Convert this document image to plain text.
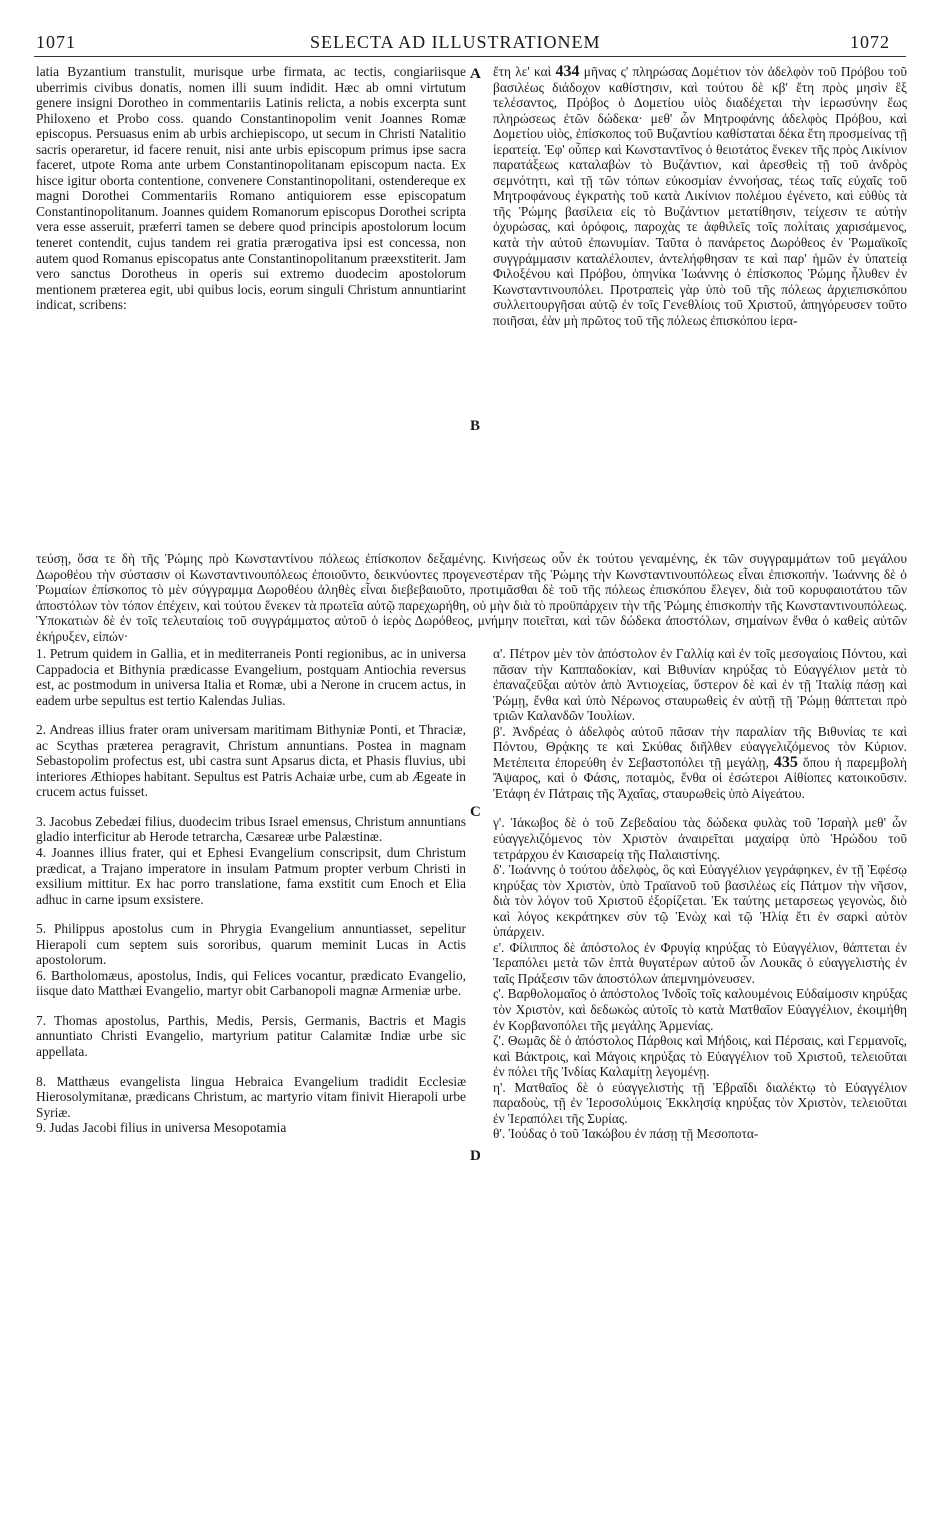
1071	SELECTA AD ILLUSTRATIONEM	1072
A
B
C
D

latia Byzantium transtulit, murisque urbe firmata, ac tectis, congiariisque uberrimis civibus donatis, nomen illi suum indidit. Hæc ab omni virtutum genere insigni Dorotheo in commentariis Latinis relicta, a nobis excerpta sunt Philoxeno et Probo coss. quando Constantinopolim venit Joannes Romæ episcopus. Persuasus enim ab urbis archiepiscopo, ut secum in Christi Natalitio sacris operaretur, id facere renuit, nisi ante urbis episcopum primus ipse sacra faceret, utpote Roma ante urbem Constantinopolitanam episcopum nacta. Ex hisce igitur oborta contentione, convenere Constantinopolitani, ostendereque ex magni Dorothei Commentariis Romano antiquiorem esse episcopatum Constantinopolitanum. Joannes quidem Romanorum episcopus Dorothei scripta vera esse asseruit, præferri tamen se debere quod principis apostolorum locum teneret contendit, cujus tandem rei gratia prærogativa ipsi est concessa, non autem quod Romanus episcopatus ante Constantinopolitanum præexstiterit. Jam vero sanctus Dorotheus in operis sui extremo duodecim apostolorum mentionem præterea egit, ubi quibus locis, eorum singuli Christum annuntiarint indicat, scribens:

ἔτη λε' καὶ 434 μῆνας ς' πληρώσας Δομέτιον τὸν ἀδελφὸν τοῦ Πρόβου τοῦ βασιλέως διάδοχον καθίστησιν, καὶ τούτου δὲ κβ' ἔτη πρὸς μησὶν ἓξ τελέσαντος, Πρόβος ὁ Δομετίου υἱὸς διαδέχεται τὴν ἱερωσύνην ἕως πληρώσεως ἐτῶν δώδεκα· μεθ' ὧν Μητροφάνης ἀδελφὸς Πρόβου, καὶ Δομετίου υἱὸς, ἐπίσκοπος τοῦ Βυζαντίου καθίσταται δέκα ἔτη προσμείνας τῇ ἱερατείᾳ. Ἐφ' οὗπερ καὶ Κωνσταντῖνος ὁ θειοτάτος ἕνεκεν τῆς πρὸς Λικίνιον παρατάξεως καταλαβὼν τὸ Βυζάντιον, καὶ ἀρεσθεὶς τῇ τοῦ ἀνδρὸς σεμνότητι, καὶ τῇ τῶν τόπων εὐκοσμίαν ἐννοήσας, τέως ταῖς εὐχαῖς τοῦ Μητροφάνους ἐγκρατὴς τοῦ κατὰ Λικίνιον πολέμου ἐγένετο, καὶ εὐθὺς τὰ τῆς Ῥώμης βασίλεια εἰς τὸ Βυζάντιον μετατίθησιν, τείχεσιν τε αὐτὴν ὀχυρώσας, καὶ ὀρόφοις, παροχὰς τε ἀφθιλεῖς τοῖς πολίταις χαρισάμενος, κατὰ τὴν αὐτοῦ ἐπωνυμίαν. Ταῦτα ὁ πανάρετος Δωρόθεος ἐν Ῥωμαϊκοῖς συγγράμμασιν καταλέλοιπεν, ἀντελήφθησαν τε καὶ παρ' ἡμῶν ἐν ὑπατείᾳ Φιλοξένου καὶ Πρόβου, ὁπηνίκα Ἰωάννης ὁ ἐπίσκοπος Ῥώμης ἦλυθεν ἐν Κωνσταντινουπόλει. Προτραπεὶς γὰρ ὑπὸ τοῦ τῆς πόλεως ἀρχιεπισκόπου συλλειτουργῆσαι αὐτῷ ἐν τοῖς Γενεθλίοις τοῦ Χριστοῦ, ἀπηγόρευσεν τοῦτο ποιῆσαι, ἐὰν μὴ πρῶτος τοῦ τῆς πόλεως ἐπισκόπου ἱερα-

τεύσῃ, ὅσα τε δὴ τῆς Ῥώμης πρὸ Κωνσταντίνου πόλεως ἐπίσκοπον δεξαμένης. Κινήσεως οὖν ἐκ τούτου γεναμένης, ἐκ τῶν συγγραμμάτων τοῦ μεγάλου Δωροθέου τὴν σύστασιν οἱ Κωνσταντινουπόλεως ἐποιοῦντο, δεικνύοντες προγενεστέραν τῆς Ῥώμης τὴν Κωνσταντινουπόλεως εἶναι ἐπισκοπήν. Ἰωάννης δὲ ὁ Ῥωμαίων ἐπίσκοπος τὸ μὲν σύγγραμμα Δωροθέου ἀληθὲς εἶναι διεβεβαιοῦτο, προτιμᾶσθαι δὲ τοῦ τῆς πόλεως ἐπισκόπου ἔλεγεν, διὰ τοῦ κορυφαιοτάτου τῶν ἀποστόλων τὸν τόπον ἐπέχειν, καὶ τούτου ἕνεκεν τὰ πρωτεῖα αὐτῷ παρεχωρήθη, οὐ μὴν διὰ τὸ προϋπάρχειν τὴν τῆς Ῥώμης ἐπισκοπὴν τῆς Κωνσταντινουπόλεως. Ὑποκατιὼν δὲ ἐν τοῖς τελευταίοις τοῦ συγγράμματος αὐτοῦ ὁ ἱερὸς Δωρόθεος, μνήμην ποιεῖται, καὶ τῶν δώδεκα ἀποστόλων, σημαίνων ἔνθα ὁ καθεὶς αὐτῶν ἐκήρυξεν, εἰπών·

1. Petrum quidem in Gallia, et in mediterraneis Ponti regionibus, ac in universa Cappadocia et Bithynia prædicasse Evangelium, postquam Antiochia reversus est, ac postmodum in universa Italia et Romæ, ubi a Nerone in crucem actus, in eadem urbe sepultus est tertio Kalendas Julias.

2. Andreas illius frater oram universam maritimam Bithyniæ Ponti, et Thraciæ, ac Scythas præterea peragravit, Christum annuntians. Postea in magnam Sebastopolim profectus est, ubi castra sunt Apsarus dicta, et Phasis fluvius, ubi interiores Æthiopes habitant. Sepultus est Patris Achaiæ urbe, cum ab Ægeate in crucem actus fuisset.

3. Jacobus Zebedæi filius, duodecim tribus Israel emensus, Christum annuntians gladio interficitur ab Herode tetrarcha, Cæsareæ urbe Palæstinæ.

4. Joannes illius frater, qui et Ephesi Evangelium conscripsit, dum Christum prædicat, a Trajano imperatore in insulam Patmum propter verbum Christi in exsilium mittitur. Ex hac porro translatione, fama exstitit cum Enoch et Elia adhuc in carne ipsum exsistere.

5. Philippus apostolus cum in Phrygia Evangelium annuntiasset, sepelitur Hierapoli cum septem suis sororibus, quarum meminit Lucas in Actis apostolorum.

6. Bartholomæus, apostolus, Indis, qui Felices vocantur, prædicato Evangelio, iisque dato Matthæi Evangelio, martyr obit Carbanopoli magnæ Armeniæ urbe.

7. Thomas apostolus, Parthis, Medis, Persis, Germanis, Bactris et Magis annuntiato Christi Evangelio, martyrium patitur Calamitæ Indiæ urbe sic appellata.

8. Matthæus evangelista lingua Hebraica Evangelium tradidit Ecclesiæ Hierosolymitanæ, prædicans Christum, ac martyrio vitam finivit Hierapoli urbe Syriæ.

9. Judas Jacobi filius in universa Mesopotamia

α'. Πέτρον μὲν τὸν ἀπόστολον ἐν Γαλλίᾳ καὶ ἐν τοῖς μεσογαίοις Πόντου, καὶ πᾶσαν τὴν Καππαδοκίαν, καὶ Βιθυνίαν κηρύξας τὸ Εὐαγγέλιον μετὰ τὸ ἐπαναζεῦξαι αὐτὸν ἀπὸ Ἀντιοχείας, ὕστερον δὲ καὶ ἐν τῇ Ἰταλίᾳ πάσῃ καὶ Ῥώμῃ, ἔνθα καὶ ὑπὸ Νέρωνος σταυρωθεὶς ἐν αὐτῇ τῇ Ῥώμῃ θάπτεται πρὸ τριῶν Καλανδῶν Ἰουλίων.

β'. Ἀνδρέας ὁ ἀδελφὸς αὐτοῦ πᾶσαν τὴν παραλίαν τῆς Βιθυνίας τε καὶ Πόντου, Θρᾴκης τε καὶ Σκύθας διῆλθεν εὐαγγελιζόμενος τὸν Κύριον. Μετέπειτα ἐπορεύθη ἐν Σεβαστοπόλει τῇ μεγάλῃ, 435 ὅπου ἡ παρεμβολὴ Ἄψαρος, καὶ ὁ Φάσις, ποταμὸς, ἔνθα οἱ ἐσώτεροι Αἰθίοπες κατοικοῦσιν. Ἐτάφη ἐν Πάτραις τῆς Ἀχαΐας, σταυρωθεὶς ὑπὸ Αἰγεάτου.

γ'. Ἰάκωβος δὲ ὁ τοῦ Ζεβεδαίου τὰς δώδεκα φυλὰς τοῦ Ἰσραὴλ μεθ' ὧν εὐαγγελιζόμενος τὸν Χριστὸν ἀναιρεῖται μαχαίρᾳ ὑπὸ Ἡρώδου τοῦ τετράρχου ἐν Καισαρείᾳ τῆς Παλαιστίνης.

δ'. Ἰωάννης ὁ τούτου ἀδελφὸς, ὃς καὶ Εὐαγγέλιον γεγράφηκεν, ἐν τῇ Ἐφέσῳ κηρύξας τὸν Χριστὸν, ὑπὸ Τραϊανοῦ τοῦ βασιλέως εἰς Πάτμον τὴν νῆσον, διὰ τὸν λόγον τοῦ Χριστοῦ ἐξορίζεται. Ἐκ ταύτης μεταρσεως γεγονὼς, διὸ καὶ λόγος κεκράτηκεν σὺν τῷ Ἐνὼχ καὶ τῷ Ἠλίᾳ ἔτι ἐν σαρκὶ αὐτὸν ὑπάρχειν.

ε'. Φίλιππος δὲ ἀπόστολος ἐν Φρυγίᾳ κηρύξας τὸ Εὐαγγέλιον, θάπτεται ἐν Ἱεραπόλει μετὰ τῶν ἑπτὰ θυγατέρων αὐτοῦ ὧν Λουκᾶς ὁ εὐαγγελιστὴς ἐν ταῖς Πράξεσιν τῶν ἀποστόλων ἀπεμνημόνευσεν.

ς'. Βαρθολομαῖος ὁ ἀπόστολος Ἰνδοῖς τοῖς καλουμένοις Εὐδαίμοσιν κηρύξας τὸν Χριστὸν, καὶ δεδωκὼς αὐτοῖς τὸ κατὰ Ματθαῖον Εὐαγγέλιον, ἐκοιμήθη ἐν Κορβανοπόλει τῆς μεγάλης Ἀρμενίας.

ζ'. Θωμᾶς δὲ ὁ ἀπόστολος Πάρθοις καὶ Μήδοις, καὶ Πέρσαις, καὶ Γερμανοῖς, καὶ Βάκτροις, καὶ Μάγοις κηρύξας τὸ Εὐαγγέλιον τοῦ Χριστοῦ, τελειοῦται ἐν πόλει τῆς Ἰνδίας Καλαμίτῃ λεγομένῃ.

η'. Ματθαῖος δὲ ὁ εὐαγγελιστὴς τῇ Ἑβραΐδι διαλέκτῳ τὸ Εὐαγγέλιον παραδοὺς, τῇ ἐν Ἱεροσολύμοις Ἐκκλησίᾳ κηρύξας τὸν Χριστὸν, τελειοῦται ἐν Ἱεραπόλει τῆς Συρίας.

θ'. Ἰούδας ὁ τοῦ Ἰακώβου ἐν πάσῃ τῇ Μεσοποτα-
